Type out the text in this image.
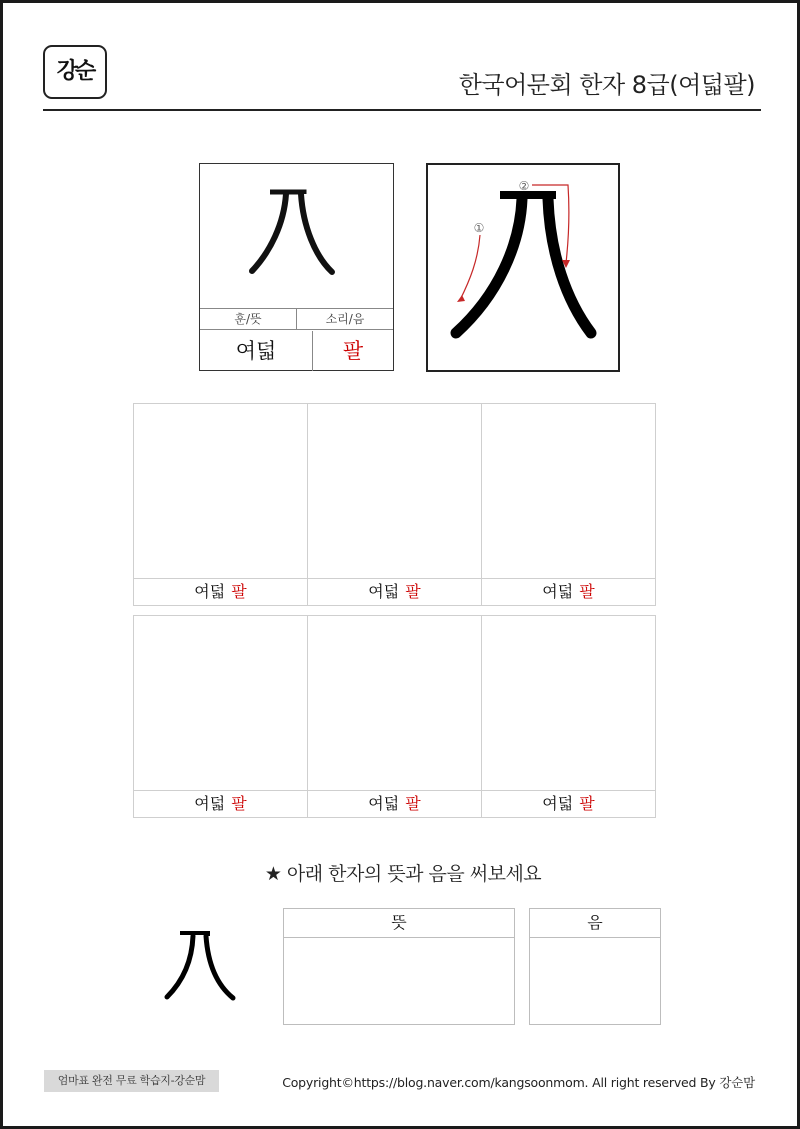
강순	한국어문회 한자 8급(여덟팔)
八
훈/뜻	소리/음
여덟	팔
①
②
여덟 팔	여덟 팔	여덟 팔
여덟 팔	여덟 팔	여덟 팔
★ 아래 한자의 뜻과 음을 써보세요
뜻	음
엄마표 완전 무료 학습지-강순맘	Copyright©https://blog.naver.com/kangsoonmom. All right reserved By 강순맘
